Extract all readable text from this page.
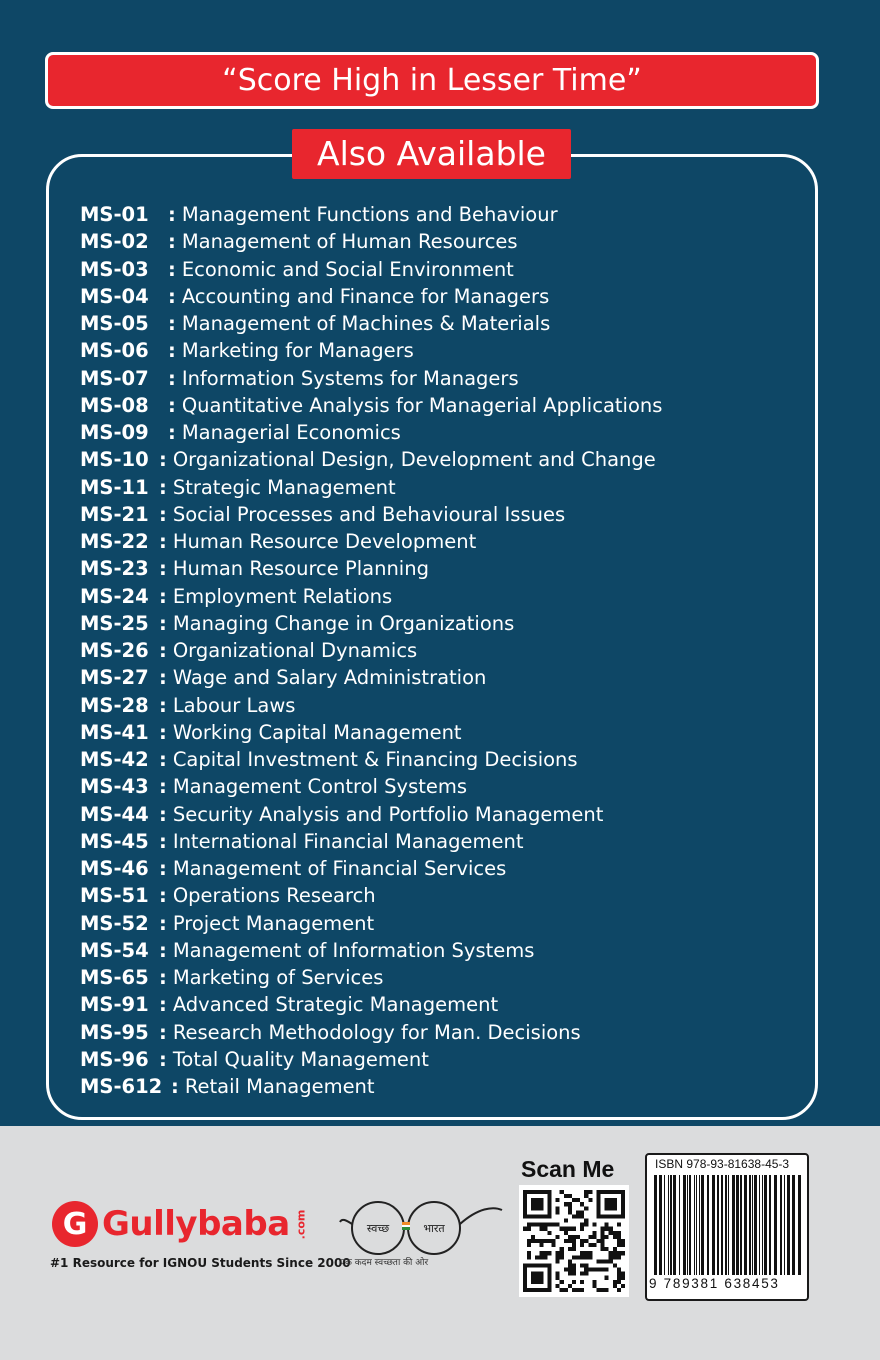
“Score High in Lesser Time”
Also Available
MS-01 : Management Functions and Behaviour
MS-02 : Management of Human Resources
MS-03 : Economic and Social Environment
MS-04 : Accounting and Finance for Managers
MS-05 : Management of Machines & Materials
MS-06 : Marketing for Managers
MS-07 : Information Systems for Managers
MS-08 : Quantitative Analysis for Managerial Applications
MS-09 : Managerial Economics
MS-10 : Organizational Design, Development and Change
MS-11 : Strategic Management
MS-21 : Social Processes and Behavioural Issues
MS-22 : Human Resource Development
MS-23 : Human Resource Planning
MS-24 : Employment Relations
MS-25 : Managing Change in Organizations
MS-26 : Organizational Dynamics
MS-27 : Wage and Salary Administration
MS-28 : Labour Laws
MS-41 : Working Capital Management
MS-42 : Capital Investment & Financing Decisions
MS-43 : Management Control Systems
MS-44 : Security Analysis and Portfolio Management
MS-45 : International Financial Management
MS-46 : Management of Financial Services
MS-51 : Operations Research
MS-52 : Project Management
MS-54 : Management of Information Systems
MS-65 : Marketing of Services
MS-91 : Advanced Strategic Management
MS-95 : Research Methodology for Man. Decisions
MS-96 : Total Quality Management
MS-612 : Retail Management
G Gullybaba .com
#1 Resource for IGNOU Students Since 2000
स्वच्छ	भारत
एक कदम स्वच्छता की ओर
Scan Me	ISBN 978-93-81638-45-3
9 789381 638453
